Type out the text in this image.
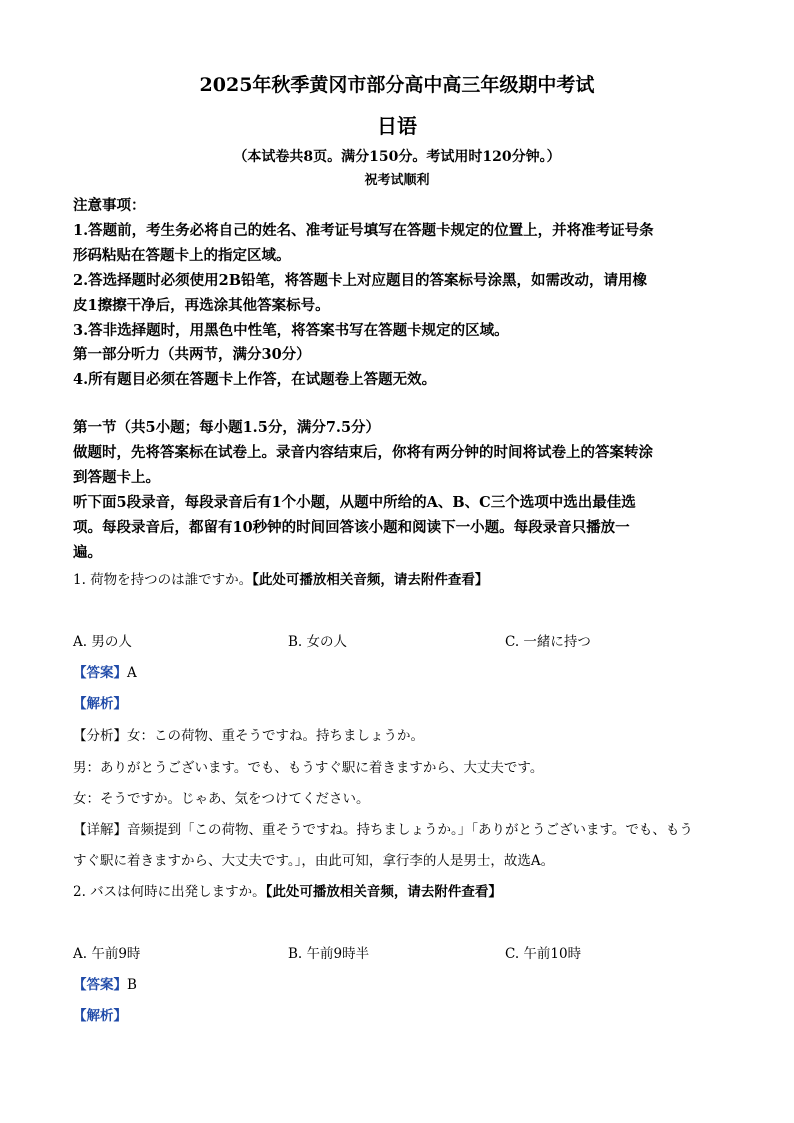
2025年秋季黄冈市部分高中高三年级期中考试
日语
（本试卷共8页。满分150分。考试用时120分钟。）
祝考试顺利
注意事项：
1.答题前，考生务必将自己的姓名、准考证号填写在答题卡规定的位置上，并将准考证号条
形码粘贴在答题卡上的指定区域。
2.答选择题时必须使用2B铅笔，将答题卡上对应题目的答案标号涂黑，如需改动，请用橡
皮1擦擦干净后，再选涂其他答案标号。
3.答非选择题时，用黑色中性笔，将答案书写在答题卡规定的区域。
第一部分听力（共两节，满分30分）
4.所有题目必须在答题卡上作答，在试题卷上答题无效。
第一节（共5小题；每小题1.5分，满分7.5分）
做题时，先将答案标在试卷上。录音内容结束后，你将有两分钟的时间将试卷上的答案转涂
到答题卡上。
听下面5段录音，每段录音后有1个小题，从题中所给的A、B、C三个选项中选出最佳选
项。每段录音后，都留有10秒钟的时间回答该小题和阅读下一小题。每段录音只播放一
遍。
1. 荷物を持つのは誰ですか。【此处可播放相关音频，请去附件查看】
A. 男の人	B. 女の人	C. 一緒に持つ
【答案】A
【解析】
【分析】女：この荷物、重そうですね。持ちましょうか。
男：ありがとうございます。でも、もうすぐ駅に着きますから、大丈夫です。
女：そうですか。じゃあ、気をつけてください。
【详解】音频提到「この荷物、重そうですね。持ちましょうか。」「ありがとうございます。でも、もう
すぐ駅に着きますから、大丈夫です。」，由此可知，拿行李的人是男士，故选A。
2. バスは何時に出発しますか。【此处可播放相关音频，请去附件查看】
A. 午前9時	B. 午前9時半	C. 午前10時
【答案】B
【解析】
